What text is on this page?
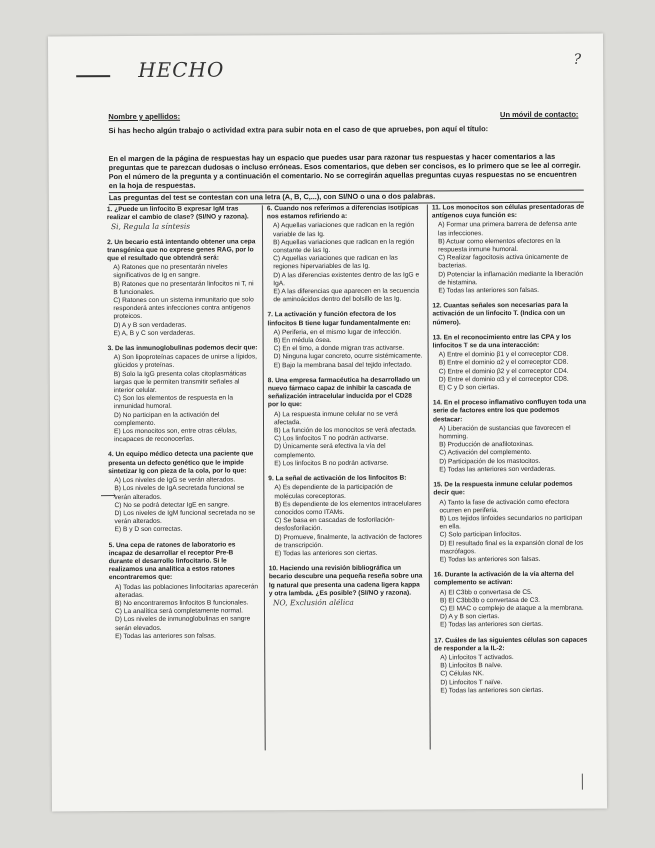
HECHO	?
Nombre y apellidos:	Un móvil de contacto:
Si has hecho algún trabajo o actividad extra para subir nota en el caso de que apruebes, pon aquí el título:

En el margen de la página de respuestas hay un espacio que puedes usar para razonar tus respuestas y hacer comentarios a las preguntas que te parezcan dudosas o incluso erróneas. Esos comentarios, que deben ser concisos, es lo primero que se lee al corregir. Pon el número de la pregunta y a continuación el comentario. No se corregirán aquellas preguntas cuyas respuestas no se encuentren en la hoja de respuestas.

Las preguntas del test se contestan con una letra (A, B, C,...), con SI/NO o una o dos palabras.

1. ¿Puede un linfocito B expresar IgM tras realizar el cambio de clase? (SI/NO y razona).

Si, Regula la síntesis

2. Un becario está intentando obtener una cepa transgénica que no exprese genes RAG, por lo que el resultado que obtendrá será:

A) Ratones que no presentarán niveles significativos de Ig en sangre.
B) Ratones que no presentarán linfocitos ni T, ni B funcionales.
C) Ratones con un sistema inmunitario que solo responderá antes infecciones contra antígenos proteicos.
D) A y B son verdaderas.
E) A, B y C son verdaderas.

3. De las inmunoglobulinas podemos decir que:

A) Son lipoproteínas capaces de unirse a lípidos, glúcidos y proteínas.
B) Solo la IgG presenta colas citoplasmáticas largas que le permiten transmitir señales al interior celular.
C) Son los elementos de respuesta en la inmunidad humoral.
D) No participan en la activación del complemento.
E) Los monocitos son, entre otras células, incapaces de reconocerlas.

4. Un equipo médico detecta una paciente que presenta un defecto genético que le impide sintetizar Ig con pieza de la cola, por lo que:

A) Los niveles de IgG se verán alterados.
B) Los niveles de IgA secretada funcional se verán alterados.
C) No se podrá detectar IgE en sangre.
D) Los niveles de IgM funcional secretada no se verán alterados.
E) B y D son correctas.

5. Una cepa de ratones de laboratorio es incapaz de desarrollar el receptor Pre-B durante el desarrollo linfocitario. Si le realizamos una analítica a estos ratones encontraremos que:

A) Todas las poblaciones linfocitarias aparecerán alteradas.
B) No encontraremos linfocitos B funcionales.
C) La analítica será completamente normal.
D) Los niveles de inmunoglobulinas en sangre serán elevados.
E) Todas las anteriores son falsas.

6. Cuando nos referimos a diferencias isotípicas nos estamos refiriendo a:

A) Aquellas variaciones que radican en la región variable de las Ig.
B) Aquellas variaciones que radican en la región constante de las Ig.
C) Aquellas variaciones que radican en las regiones hipervariables de las Ig.
D) A las diferencias existentes dentro de las IgG e IgA.
E) A las diferencias que aparecen en la secuencia de aminoácidos dentro del bolsillo de las Ig.

7. La activación y función efectora de los linfocitos B tiene lugar fundamentalmente en:

A) Periferia, en el mismo lugar de infección.
B) En médula ósea.
C) En el timo, a donde migran tras activarse.
D) Ninguna lugar concreto, ocurre sistémicamente.
E) Bajo la membrana basal del tejido infectado.

8. Una empresa farmacéutica ha desarrollado un nuevo fármaco capaz de inhibir la cascada de señalización intracelular inducida por el CD28 por lo que:

A) La respuesta inmune celular no se verá afectada.
B) La función de los monocitos se verá afectada.
C) Los linfocitos T no podrán activarse.
D) Únicamente será efectiva la vía del complemento.
E) Los linfocitos B no podrán activarse.

9. La señal de activación de los linfocitos B:

A) Es dependiente de la participación de moléculas coreceptoras.
B) Es dependiente de los elementos intracelulares conocidos como ITAMs.
C) Se basa en cascadas de fosforilación-desfosforilación.
D) Promueve, finalmente, la activación de factores de transcripción.
E) Todas las anteriores son ciertas.

10. Haciendo una revisión bibliográfica un becario descubre una pequeña reseña sobre una Ig natural que presenta una cadena ligera kappa y otra lambda. ¿Es posible? (SI/NO y razona).

NO, Exclusión alélica

11. Los monocitos son células presentadoras de antígenos cuya función es:

A) Formar una primera barrera de defensa ante las infecciones.
B) Actuar como elementos efectores en la respuesta inmune humoral.
C) Realizar fagocitosis activa únicamente de bacterias.
D) Potenciar la inflamación mediante la liberación de histamina.
E) Todas las anteriores son falsas.

12. Cuantas señales son necesarias para la activación de un linfocito T. (Indica con un número).

13. En el reconocimiento entre las CPA y los linfocitos T se da una interacción:

A) Entre el dominio β1 y el correceptor CD8.
B) Entre el dominio α2 y el correceptor CD8.
C) Entre el dominio β2 y el correceptor CD4.
D) Entre el dominio α3 y el correceptor CD8.
E) C y D son ciertas.

14. En el proceso inflamativo confluyen toda una serie de factores entre los que podemos destacar:

A) Liberación de sustancias que favorecen el homming.
B) Producción de anafilotoxinas.
C) Activación del complemento.
D) Participación de los mastocitos.
E) Todas las anteriores son verdaderas.

15. De la respuesta inmune celular podemos decir que:

A) Tanto la fase de activación como efectora ocurren en periferia.
B) Los tejidos linfoides secundarios no participan en ella.
C) Solo participan linfocitos.
D) El resultado final es la expansión clonal de los macrófagos.
E) Todas las anteriores son falsas.

16. Durante la activación de la vía alterna del complemento se activan:

A) El C3bb o convertasa de C5.
B) El C3bb3b o convertasa de C3.
C) El MAC o complejo de ataque a la membrana.
D) A y B son ciertas.
E) Todas las anteriores son ciertas.

17. Cuáles de las siguientes células son capaces de responder a la IL-2:

A) Linfocitos T activados.
B) Linfocitos B naïve.
C) Células NK.
D) Linfocitos T naïve.
E) Todas las anteriores son ciertas.
⟶
